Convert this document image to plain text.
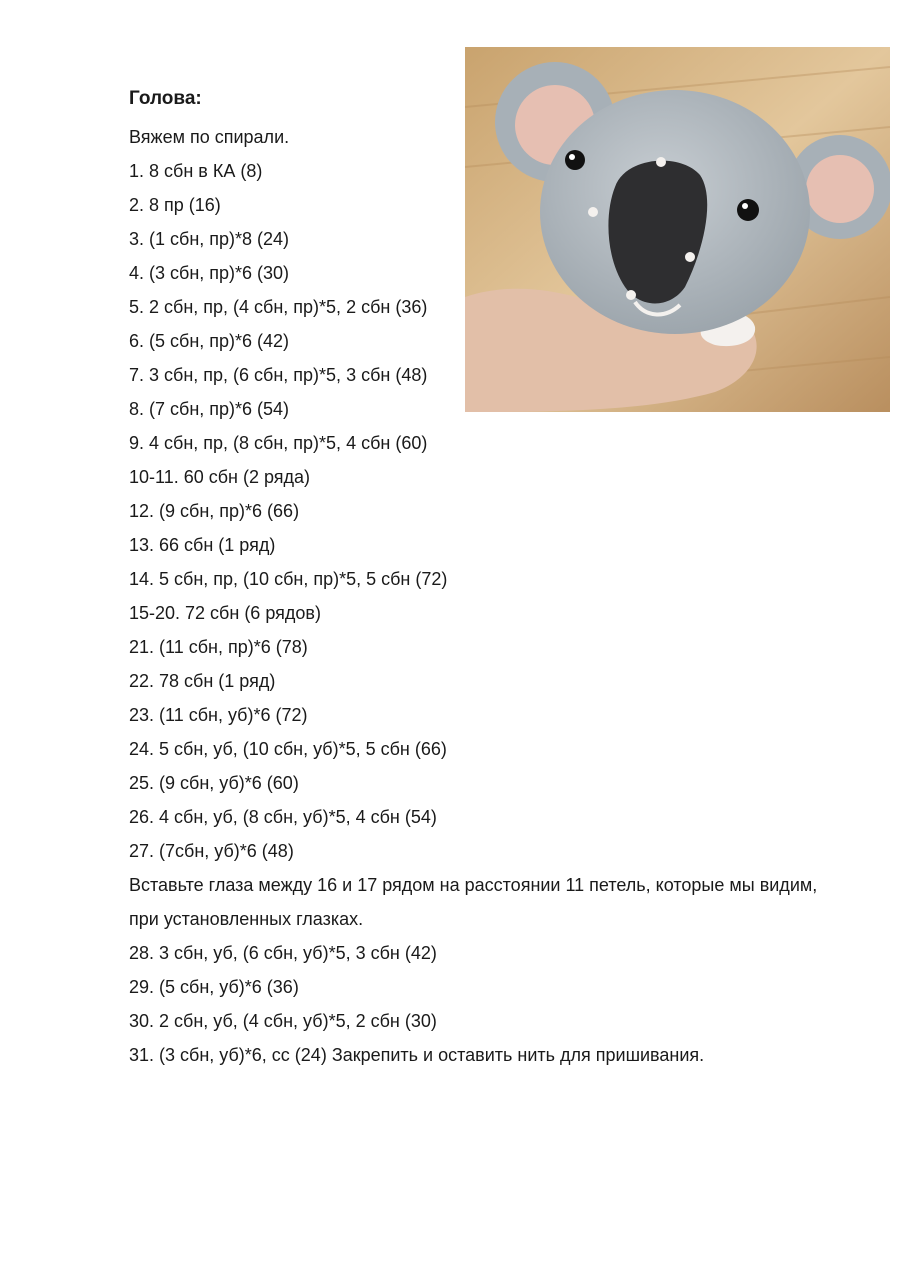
Голова:
Вяжем по спирали.
1. 8 сбн в КА (8)
2. 8 пр (16)
3. (1 сбн, пр)*8 (24)
4. (3 сбн, пр)*6 (30)
5. 2 сбн, пр, (4 сбн, пр)*5, 2 сбн (36)
6. (5 сбн, пр)*6 (42)
7. 3 сбн, пр, (6 сбн, пр)*5, 3 сбн (48)
8. (7 сбн, пр)*6 (54)
9. 4 сбн, пр, (8 сбн, пр)*5, 4 сбн (60)
10-11. 60 сбн (2 ряда)
12. (9 сбн, пр)*6 (66)
13. 66 сбн (1 ряд)
14. 5 сбн, пр, (10 сбн, пр)*5, 5 сбн (72)
15-20. 72 сбн (6 рядов)
21. (11 сбн, пр)*6 (78)
22. 78 сбн (1 ряд)
23. (11 сбн, уб)*6 (72)
24. 5 сбн, уб, (10 сбн, уб)*5, 5 сбн (66)
25. (9 сбн, уб)*6 (60)
26. 4 сбн, уб, (8 сбн, уб)*5, 4 сбн (54)
27. (7сбн, уб)*6 (48)
Вставьте глаза между 16 и 17 рядом на расстоянии 11 петель, которые мы видим, при установленных глазках.
28. 3 сбн, уб, (6 сбн, уб)*5, 3 сбн (42)
29. (5 сбн, уб)*6 (36)
30. 2 сбн, уб, (4 сбн, уб)*5, 2 сбн (30)
31. (3 сбн, уб)*6, сс (24) Закрепить и оставить нить для пришивания.
